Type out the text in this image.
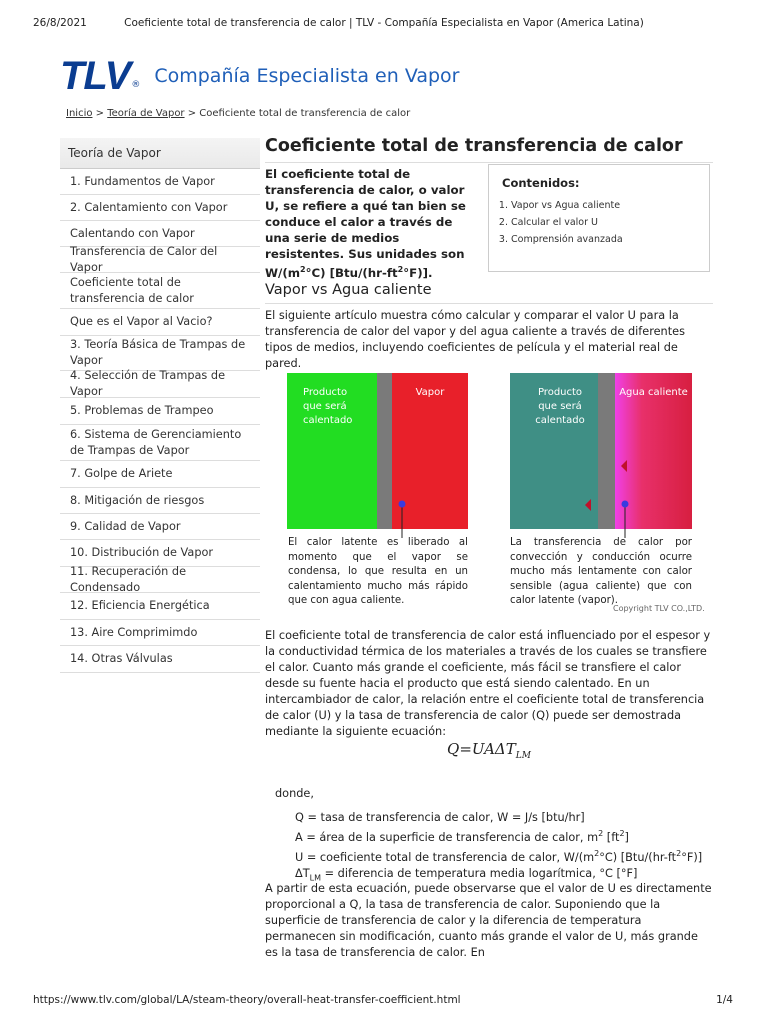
26/8/2021	Coeficiente total de transferencia de calor | TLV - Compañía Especialista en Vapor (America Latina)
TLV ® Compañía Especialista en Vapor
Inicio > Teoría de Vapor > Coeficiente total de transferencia de calor
Teoría de Vapor
1. Fundamentos de Vapor
2. Calentamiento con Vapor
Calentando con Vapor
Transferencia de Calor del Vapor
Coeficiente total de transferencia de calor
Que es el Vapor al Vacio?
3. Teoría Básica de Trampas de Vapor
4. Selección de Trampas de Vapor
5. Problemas de Trampeo
6. Sistema de Gerenciamiento de Trampas de Vapor
7. Golpe de Ariete
8. Mitigación de riesgos
9. Calidad de Vapor
10. Distribución de Vapor
11. Recuperación de Condensado
12. Eficiencia Energética
13. Aire Comprimimdo
14. Otras Válvulas
Coeficiente total de transferencia de calor
El coeficiente total de transferencia de calor, o valor U, se refiere a qué tan bien se conduce el calor a través de una serie de medios resistentes. Sus unidades son $W/(m^2^\circ C)$ $[Btu/(hr-ft^2^\circ F)]$.
Contenidos:
1. Vapor vs Agua caliente
2. Calcular el valor U
3. Comprensión avanzada
Vapor vs Agua caliente
El siguiente artículo muestra cómo calcular y comparar el valor U para la transferencia de calor del vapor y del agua caliente a través de diferentes tipos de medios, incluyendo coeficientes de película y el material real de pared.
Producto que será calentado
Vapor	Producto que será calentado
Agua caliente
El calor latente es liberado al momento que el vapor se condensa, lo que resulta en un calentamiento mucho más rápido que con agua caliente.
La transferencia de calor por convección y conducción ocurre mucho más lentamente con calor sensible (agua caliente) que con calor latente (vapor).
Copyright TLV CO.,LTD.
El coeficiente total de transferencia de calor está influenciado por el espesor y la conductividad térmica de los materiales a través de los cuales se transfiere el calor. Cuanto más grande el coeficiente, más fácil se transfiere el calor desde su fuente hacia el producto que está siendo calentado. En un intercambiador de calor, la relación entre el coeficiente total de transferencia de calor (U) y la tasa de transferencia de calor (Q) puede ser demostrada mediante la siguiente ecuación:
$Q=UA\Delta T_{LM}$
donde,
Q = tasa de transferencia de calor, W = J/s [btu/hr]
A = área de la superficie de transferencia de calor, $m^2$ $[ft^2]$
U = coeficiente total de transferencia de calor, $W/(m^2^\circ C)$ $[Btu/(hr-ft^2^\circ F)]$
$\Delta T_{LM}$ = diferencia de temperatura media logarítmica, °C [°F]
A partir de esta ecuación, puede observarse que el valor de U es directamente proporcional a Q, la tasa de transferencia de calor. Suponiendo que la superficie de transferencia de calor y la diferencia de temperatura permanecen sin modificación, cuanto más grande el valor de U, más grande es la tasa de transferencia de calor. En
https://www.tlv.com/global/LA/steam-theory/overall-heat-transfer-coefficient.html	1/4
